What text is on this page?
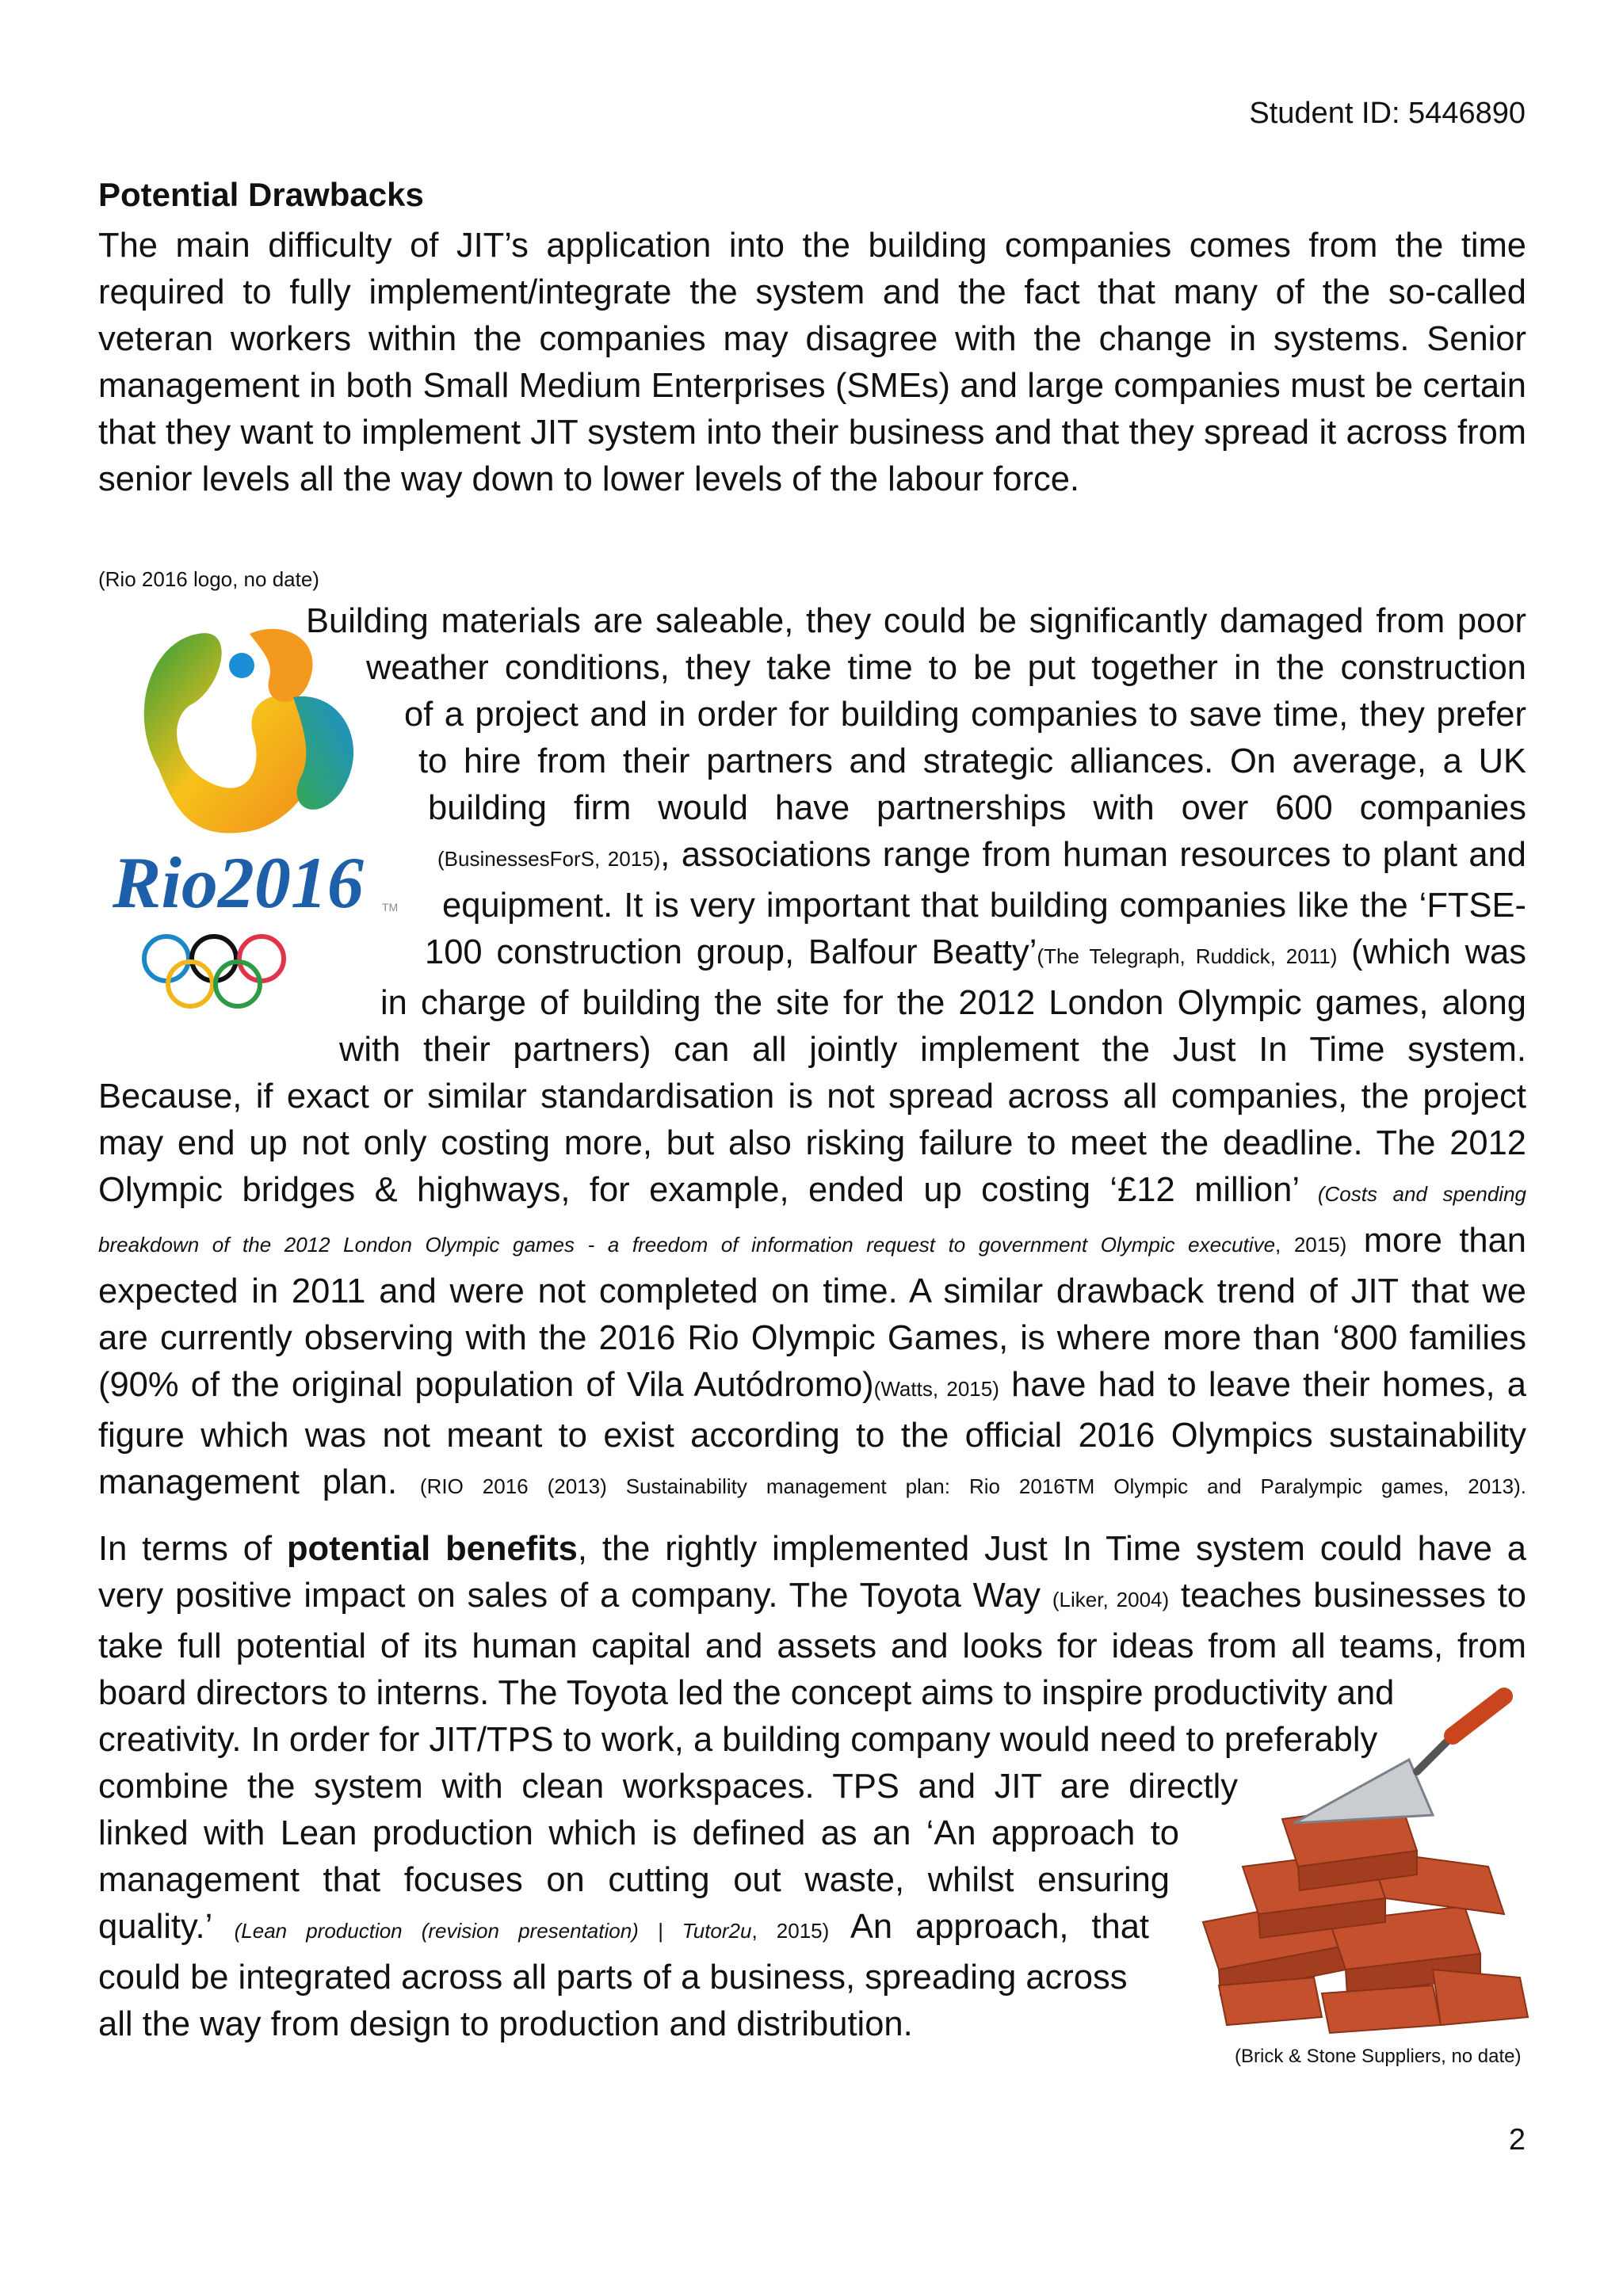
Student ID: 5446890
Potential Drawbacks
The main difficulty of JIT’s application into the building companies comes from the time required to fully implement/integrate the system and the fact that many of the so-called veteran workers within the companies may disagree with the change in systems. Senior management in both Small Medium Enterprises (SMEs) and large companies must be certain that they want to implement JIT system into their business and that they spread it across from senior levels all the way down to lower levels of the labour force.
(Rio 2016 logo, no date)
Rio2016 TM
Building materials are saleable, they could be significantly damaged from poor
weather conditions, they take time to be put together in the construction
of a project and in order for building companies to save time, they prefer
to hire from their partners and strategic alliances. On average, a UK
building firm would have partnerships with over 600 companies
(BusinessesForS, 2015), associations range from human resources to plant and
equipment. It is very important that building companies like the ‘FTSE-
100 construction group, Balfour Beatty’(The Telegraph, Ruddick, 2011) (which was
in charge of building the site for the 2012 London Olympic games, along
with their partners) can all jointly implement the Just In Time system.
Because, if exact or similar standardisation is not spread across all companies, the project
may end up not only costing more, but also risking failure to meet the deadline. The 2012
Olympic bridges & highways, for example, ended up costing ‘£12 million’ (Costs and spending
breakdown of the 2012 London Olympic games - a freedom of information request to government Olympic executive, 2015) more than
expected in 2011 and were not completed on time. A similar drawback trend of JIT that we
are currently observing with the 2016 Rio Olympic Games, is where more than ‘800 families
(90% of the original population of Vila Autódromo)(Watts, 2015) have had to leave their homes, a
figure which was not meant to exist according to the official 2016 Olympics sustainability
management plan. (RIO 2016 (2013) Sustainability management plan: Rio 2016TM Olympic and Paralympic games, 2013).
In terms of potential benefits, the rightly implemented Just In Time system could have a
very positive impact on sales of a company. The Toyota Way (Liker, 2004) teaches businesses to
take full potential of its human capital and assets and looks for ideas from all teams, from
board directors to interns. The Toyota led the concept aims to inspire productivity and
creativity. In order for JIT/TPS to work, a building company would need to preferably
combine the system with clean workspaces. TPS and JIT are directly
linked with Lean production which is defined as an ‘An approach to
management that focuses on cutting out waste, whilst ensuring
quality.’ (Lean production (revision presentation) | Tutor2u, 2015) An approach, that
could be integrated across all parts of a business, spreading across
all the way from design to production and distribution.
(Brick & Stone Suppliers, no date)
2
